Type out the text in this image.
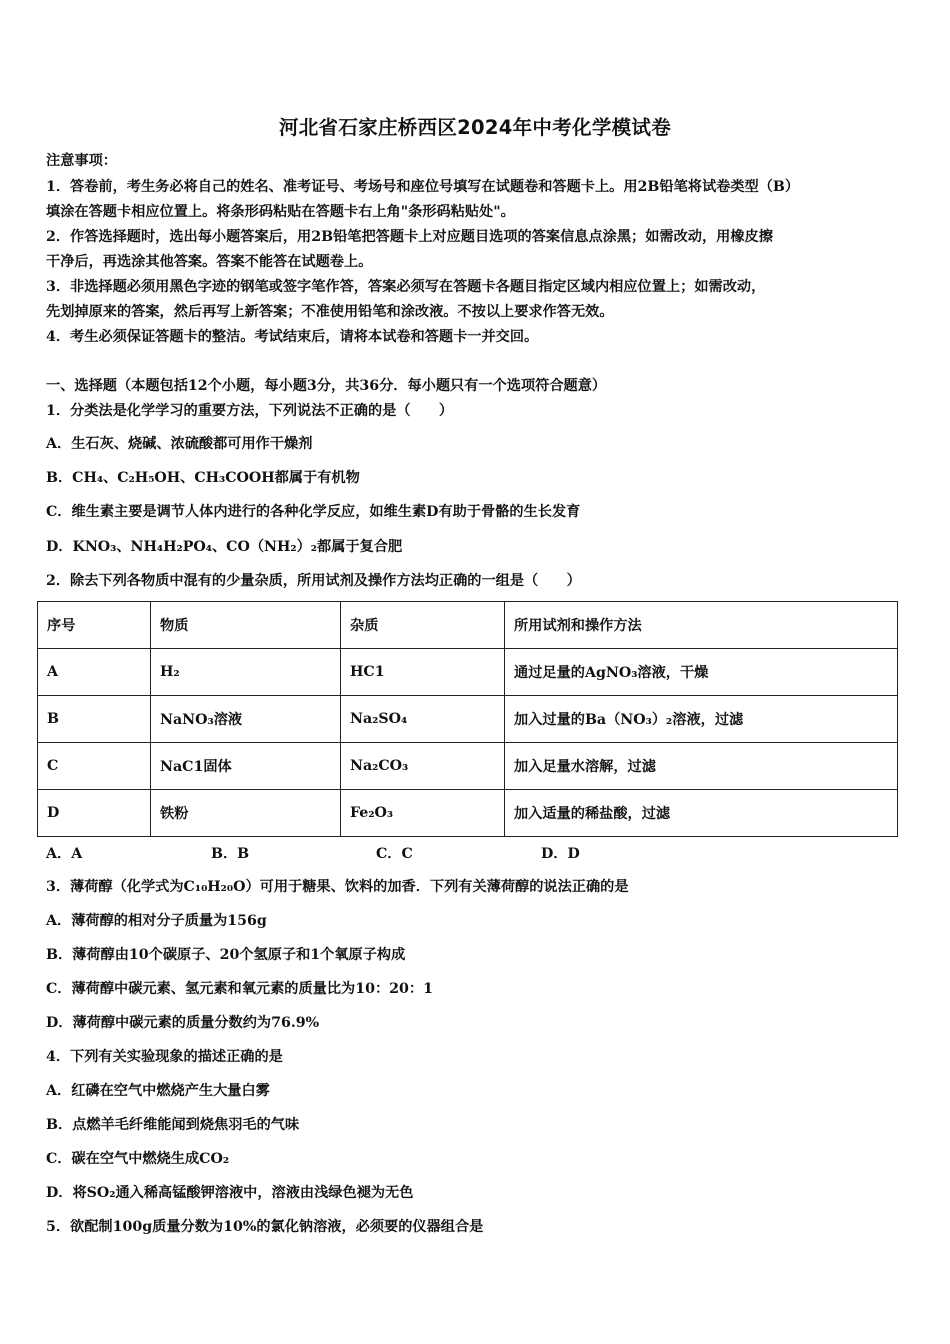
河北省石家庄桥西区2024年中考化学模试卷
注意事项：
1．答卷前，考生务必将自己的姓名、准考证号、考场号和座位号填写在试题卷和答题卡上。用2B铅笔将试卷类型（B）
填涂在答题卡相应位置上。将条形码粘贴在答题卡右上角"条形码粘贴处"。
2．作答选择题时，选出每小题答案后，用2B铅笔把答题卡上对应题目选项的答案信息点涂黑；如需改动，用橡皮擦
干净后，再选涂其他答案。答案不能答在试题卷上。
3．非选择题必须用黑色字迹的钢笔或签字笔作答，答案必须写在答题卡各题目指定区域内相应位置上；如需改动，
先划掉原来的答案，然后再写上新答案；不准使用铅笔和涂改液。不按以上要求作答无效。
4．考生必须保证答题卡的整洁。考试结束后，请将本试卷和答题卡一并交回。
一、选择题（本题包括12个小题，每小题3分，共36分．每小题只有一个选项符合题意）
1．分类法是化学学习的重要方法，下列说法不正确的是（　　）
A．生石灰、烧碱、浓硫酸都可用作干燥剂
B．CH₄、C₂H₅OH、CH₃COOH都属于有机物
C．维生素主要是调节人体内进行的各种化学反应，如维生素D有助于骨骼的生长发育
D．KNO₃、NH₄H₂PO₄、CO（NH₂）₂都属于复合肥
2．除去下列各物质中混有的少量杂质，所用试剂及操作方法均正确的一组是（　　）
序号	物质	杂质	所用试剂和操作方法
A	H₂	HC1	通过足量的AgNO₃溶液，干燥
B	NaNO₃溶液	Na₂SO₄	加入过量的Ba（NO₃）₂溶液，过滤
C	NaC1固体	Na₂CO₃	加入足量水溶解，过滤
D	铁粉	Fe₂O₃	加入适量的稀盐酸，过滤
A．A	B．B	C．C	D．D
3．薄荷醇（化学式为C₁₀H₂₀O）可用于糖果、饮料的加香．下列有关薄荷醇的说法正确的是
A．薄荷醇的相对分子质量为156g
B．薄荷醇由10个碳原子、20个氢原子和1个氧原子构成
C．薄荷醇中碳元素、氢元素和氧元素的质量比为10：20：1
D．薄荷醇中碳元素的质量分数约为76.9%
4．下列有关实验现象的描述正确的是
A．红磷在空气中燃烧产生大量白雾
B．点燃羊毛纤维能闻到烧焦羽毛的气味
C．碳在空气中燃烧生成CO₂
D．将SO₂通入稀高锰酸钾溶液中，溶液由浅绿色褪为无色
5．欲配制100g质量分数为10%的氯化钠溶液，必须要的仪器组合是
